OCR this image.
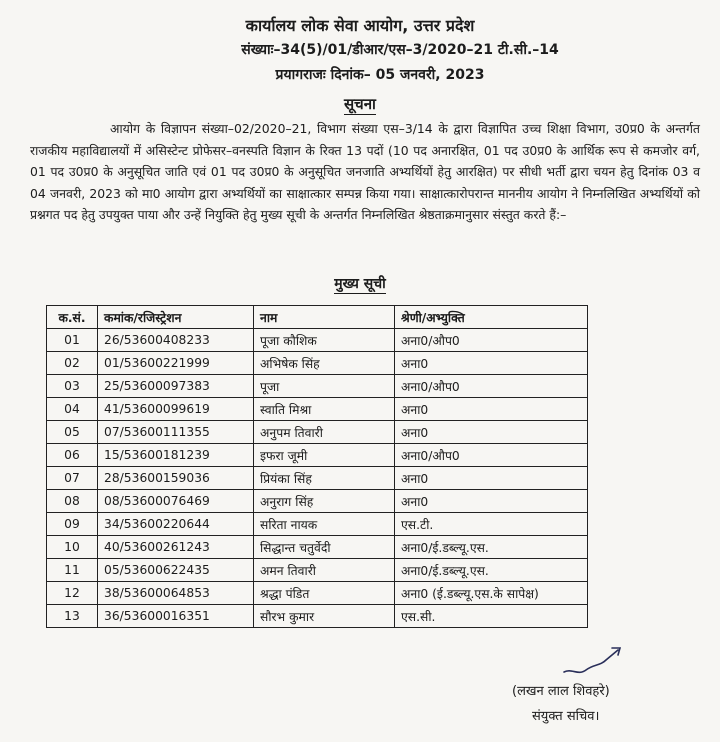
कार्यालय लोक सेवा आयोग, उत्तर प्रदेश
संख्याः–34(5)/01/डीआर/एस–3/2020–21 टी.सी.–14
प्रयागराजः दिनांक– 05 जनवरी, 2023
सूचना

आयोग के विज्ञापन संख्या–02/2020–21, विभाग संख्या एस–3/14 के द्वारा विज्ञापित उच्च शिक्षा विभाग, उ0प्र0 के अन्तर्गत राजकीय महाविद्यालयों में असिस्टेन्ट प्रोफेसर–वनस्पति विज्ञान के रिक्त 13 पदों (10 पद अनारक्षित, 01 पद उ0प्र0 के आर्थिक रूप से कमजोर वर्ग, 01 पद उ0प्र0 के अनुसूचित जाति एवं 01 पद उ0प्र0 के अनुसूचित जनजाति अभ्यर्थियों हेतु आरक्षित) पर सीधी भर्ती द्वारा चयन हेतु दिनांक 03 व 04 जनवरी, 2023 को मा0 आयोग द्वारा अभ्यर्थियों का साक्षात्कार सम्पन्न किया गया। साक्षात्कारोपरान्त माननीय आयोग ने निम्नलिखित अभ्यर्थियों को प्रश्नगत पद हेतु उपयुक्त पाया और उन्हें नियुक्ति हेतु मुख्य सूची के अन्तर्गत निम्नलिखित श्रेष्ठताक्रमानुसार संस्तुत करते हैं:–

मुख्य सूची
क.सं.	कमांक/रजिस्ट्रेशन	नाम	श्रेणी/अभ्युक्ति
01	26/53600408233	पूजा कौशिक	अना0/औप0
02	01/53600221999	अभिषेक सिंह	अना0
03	25/53600097383	पूजा	अना0/औप0
04	41/53600099619	स्वाति मिश्रा	अना0
05	07/53600111355	अनुपम तिवारी	अना0
06	15/53600181239	इफरा जूमी	अना0/औप0
07	28/53600159036	प्रियंका सिंह	अना0
08	08/53600076469	अनुराग सिंह	अना0
09	34/53600220644	सरिता नायक	एस.टी.
10	40/53600261243	सिद्धान्त चतुर्वेदी	अना0/ई.डब्ल्यू.एस.
11	05/53600622435	अमन तिवारी	अना0/ई.डब्ल्यू.एस.
12	38/53600064853	श्रद्धा पंडित	अना0 (ई.डब्ल्यू.एस.के सापेक्ष)
13	36/53600016351	सौरभ कुमार	एस.सी.
(लखन लाल शिवहरे)
संयुक्त सचिव।
